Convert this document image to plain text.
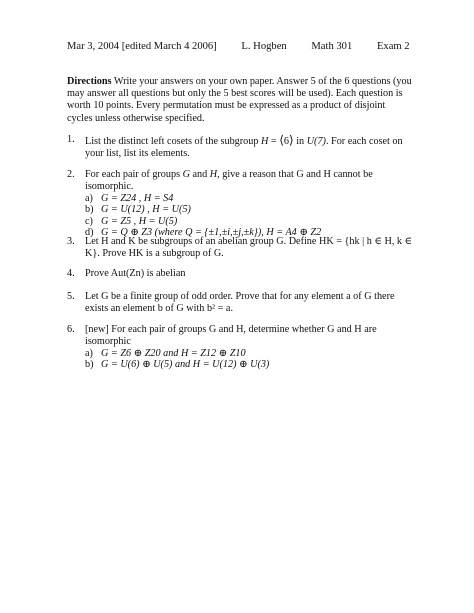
Mar 3, 2004 [edited March 4 2006] L. Hogben Math 301 Exam 2
Directions Write your answers on your own paper. Answer 5 of the 6 questions (you may answer all questions but only the 5 best scores will be used). Each question is worth 10 points. Every permutation must be expressed as a product of disjoint cycles unless otherwise specified.
1. List the distinct left cosets of the subgroup H = ⟨6⟩ in U(7). For each coset on your list, list its elements.
2. For each pair of groups G and H, give a reason that G and H cannot be isomorphic.
a) G = Z24 , H = S4
b) G = U(12) , H = U(5)
c) G = Z5 , H = U(5)
d) G = Q ⊕ Z3 (where Q = {±1,±i,±j,±k}), H = A4 ⊕ Z2
3. Let H and K be subgroups of an abelian group G. Define HK = {hk | h ∈ H, k ∈ K}. Prove HK is a subgroup of G.
4. Prove Aut(Zn) is abelian
5. Let G be a finite group of odd order. Prove that for any element a of G there exists an element b of G with b² = a.
6. [new] For each pair of groups G and H, determine whether G and H are isomorphic
a) G = Z6 ⊕ Z20 and H = Z12 ⊕ Z10
b) G = U(6) ⊕ U(5) and H = U(12) ⊕ U(3)
